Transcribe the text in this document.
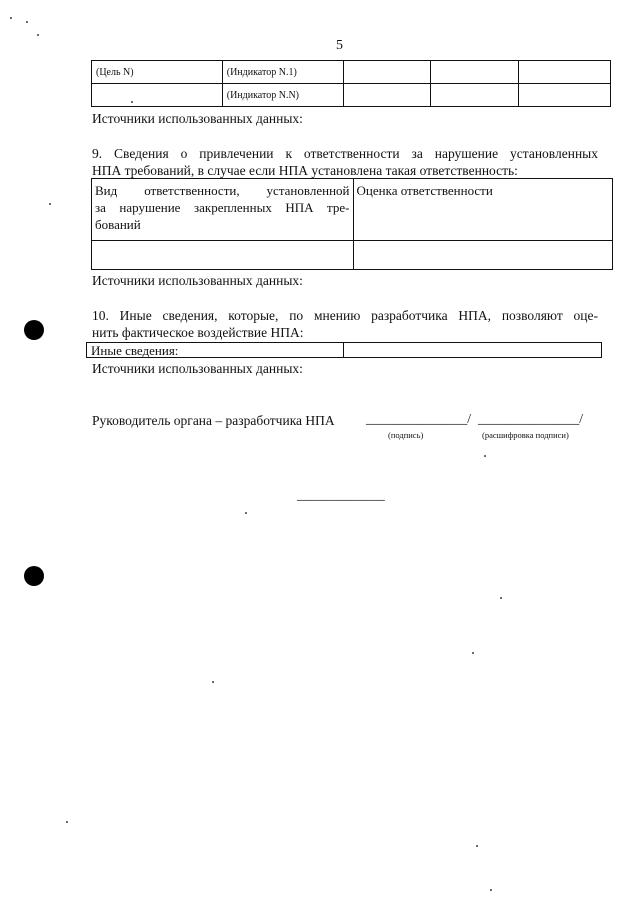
5
(Цель N)	(Индикатор N.1)			
	(Индикатор N.N)			
Источники использованных данных:
9. Сведения о привлечении к ответственности за нарушение установленных
НПА требований, в случае если НПА установлена такая ответственность:
Вид ответственности, установленной
за нарушение закрепленных НПА тре-
бований	Оценка ответственности

Источники использованных данных:
10. Иные сведения, которые, по мнению разработчика НПА, позволяют оце-
нить фактическое воздействие НПА:
Иные сведения:	
Источники использованных данных:
Руководитель органа – разработчика НПА _______________/ _______________/
(подпись)	(расшифровка подписи)
_____________
